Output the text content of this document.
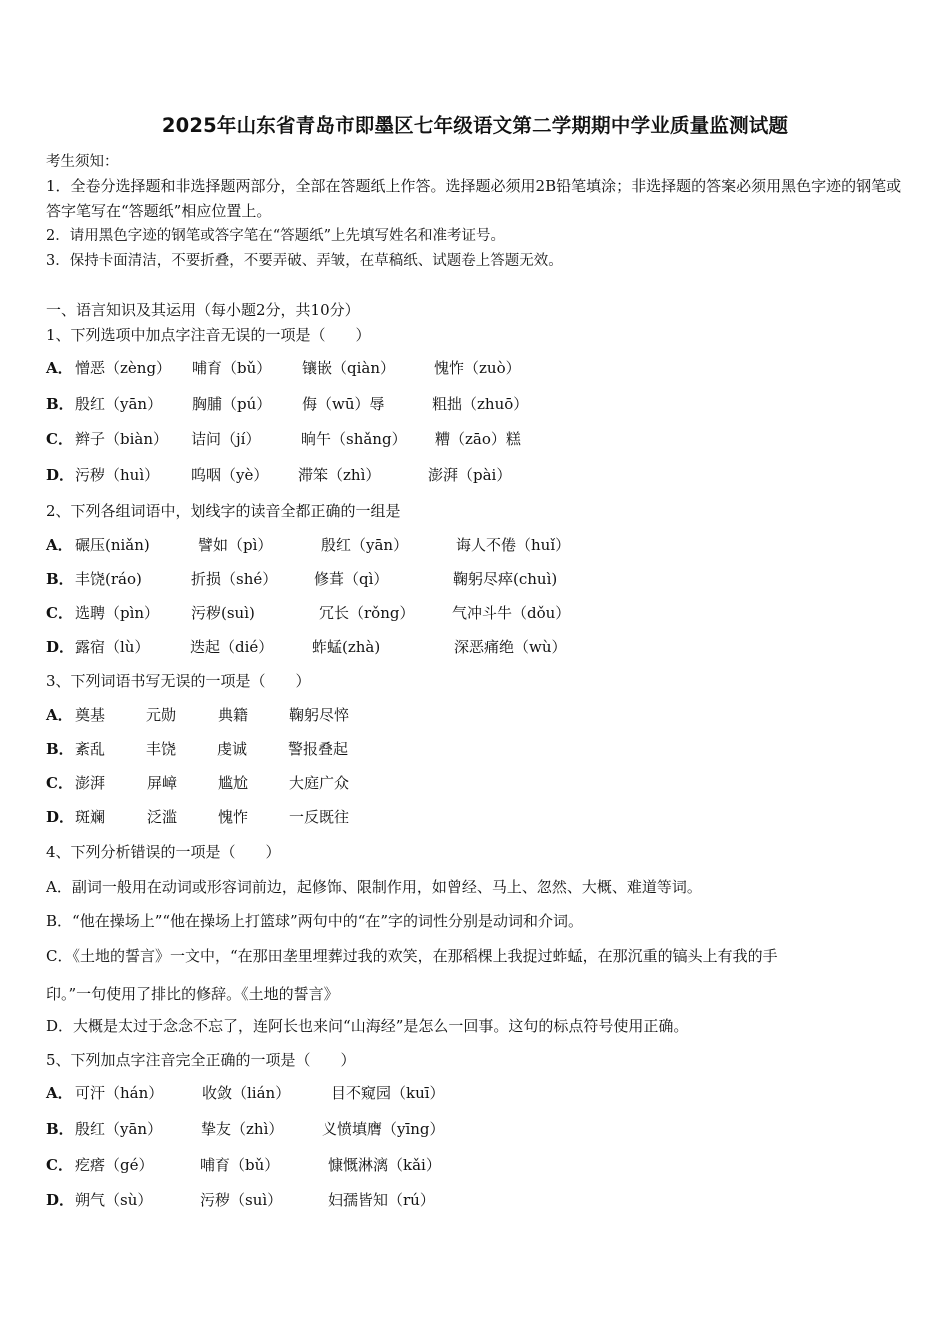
2025年山东省青岛市即墨区七年级语文第二学期期中学业质量监测试题
考生须知：
1．全卷分选择题和非选择题两部分，全部在答题纸上作答。选择题必须用2B铅笔填涂；非选择题的答案必须用黑色字迹的钢笔或答字笔写在“答题纸”相应位置上。
2．请用黑色字迹的钢笔或答字笔在“答题纸”上先填写姓名和准考证号。
3．保持卡面清洁，不要折叠，不要弄破、弄皱，在草稿纸、试题卷上答题无效。
一、语言知识及其运用（每小题2分，共10分）
1、下列选项中加点字注音无误的一项是（　　）
A． 憎恶（zèng） 哺育（bǔ） 镶嵌（qiàn）	愧怍（zuò）
B．殷红（yān） 胸脯（pú） 侮（wū）辱	粗拙（zhuō）
C． 辫子（biàn） 诘问（jí）	晌午（shǎng） 糟（zāo）糕
D．污秽（huì） 呜咽（yè） 滞笨（zhì）	澎湃（pài）
2、下列各组词语中，划线字的读音全都正确的一组是
A． 碾压(niǎn)	譬如（pì）	殷红（yān）	诲人不倦（huǐ）
B．丰饶(ráo)	折损（shé） 修葺（qì）	鞠躬尽瘁(chuì)
C． 选聘（pìn） 污秽(suì)	冗长（rǒng）	气冲斗牛（dǒu）
D．露宿（lù）	迭起（dié）	蚱蜢(zhà)	深恶痛绝（wù）
3、下列词语书写无误的一项是（　　）
A． 奠基	元勋	典籍	鞠躬尽悴
B．紊乱	丰饶	虔诚	警报叠起
C． 澎湃	屏嶂	尴尬	大庭广众
D．斑斓	泛滥	愧怍	一反既往
4、下列分析错误的一项是（　　）
A．副词一般用在动词或形容词前边，起修饰、限制作用，如曾经、马上、忽然、大概、难道等词。
B．“他在操场上”“他在操场上打篮球”两句中的“在”字的词性分别是动词和介词。
C．《土地的誓言》一文中，“在那田垄里埋葬过我的欢笑，在那稻棵上我捉过蚱蜢，在那沉重的镐头上有我的手
印。”一句使用了排比的修辞。《土地的誓言》
D．大概是太过于念念不忘了，连阿长也来问“山海经”是怎么一回事。这句的标点符号使用正确。
5、下列加点字注音完全正确的一项是（　　）
A． 可汗（hán）	收敛（lián）	目不窥园（kuī）
B．殷红（yān）	挚友（zhì）	义愤填膺（yīng）
C． 疙瘩（gé）	哺育（bǔ）	慷慨淋漓（kǎi）
D．朔气（sù）	污秽（suì）	妇孺皆知（rú）
